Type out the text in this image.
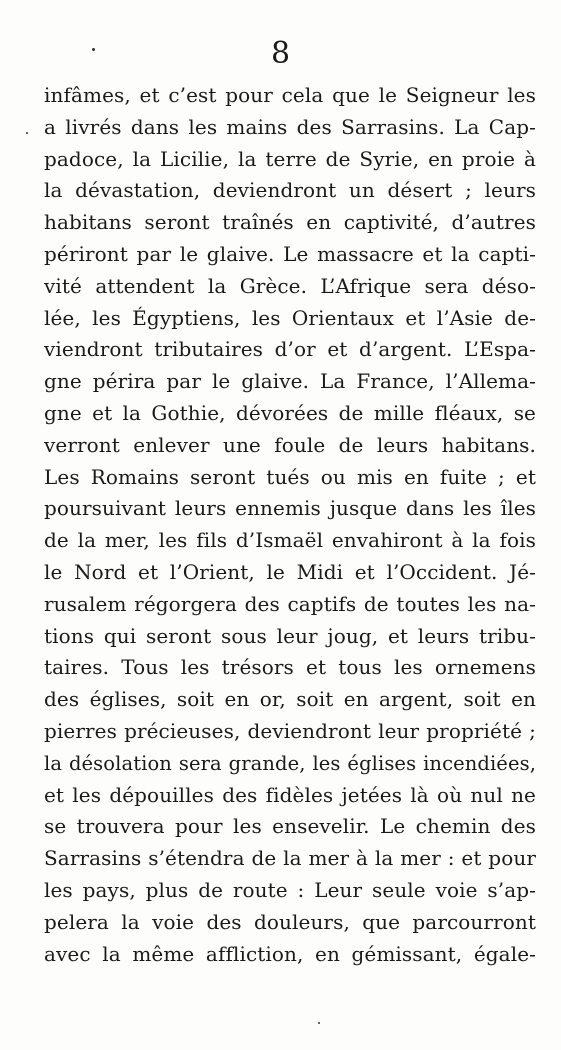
8
infâmes, et c’est pour cela que le Seigneur les
a livrés dans les mains des Sarrasins. La Cap-
padoce, la Licilie, la terre de Syrie, en proie à
la dévastation, deviendront un désert ; leurs
habitans seront traînés en captivité, d’autres
périront par le glaive. Le massacre et la capti-
vité attendent la Grèce. L’Afrique sera déso-
lée, les Égyptiens, les Orientaux et l’Asie de-
viendront tributaires d’or et d’argent. L’Espa-
gne périra par le glaive. La France, l’Allema-
gne et la Gothie, dévorées de mille fléaux, se
verront enlever une foule de leurs habitans.
Les Romains seront tués ou mis en fuite ; et
poursuivant leurs ennemis jusque dans les îles
de la mer, les fils d’Ismaël envahiront à la fois
le Nord et l’Orient, le Midi et l’Occident. Jé-
rusalem régorgera des captifs de toutes les na-
tions qui seront sous leur joug, et leurs tribu-
taires. Tous les trésors et tous les ornemens
des églises, soit en or, soit en argent, soit en
pierres précieuses, deviendront leur propriété ;
la désolation sera grande, les églises incendiées,
et les dépouilles des fidèles jetées là où nul ne
se trouvera pour les ensevelir. Le chemin des
Sarrasins s’étendra de la mer à la mer : et pour
les pays, plus de route : Leur seule voie s’ap-
pelera la voie des douleurs, que parcourront
avec la même affliction, en gémissant, égale-
